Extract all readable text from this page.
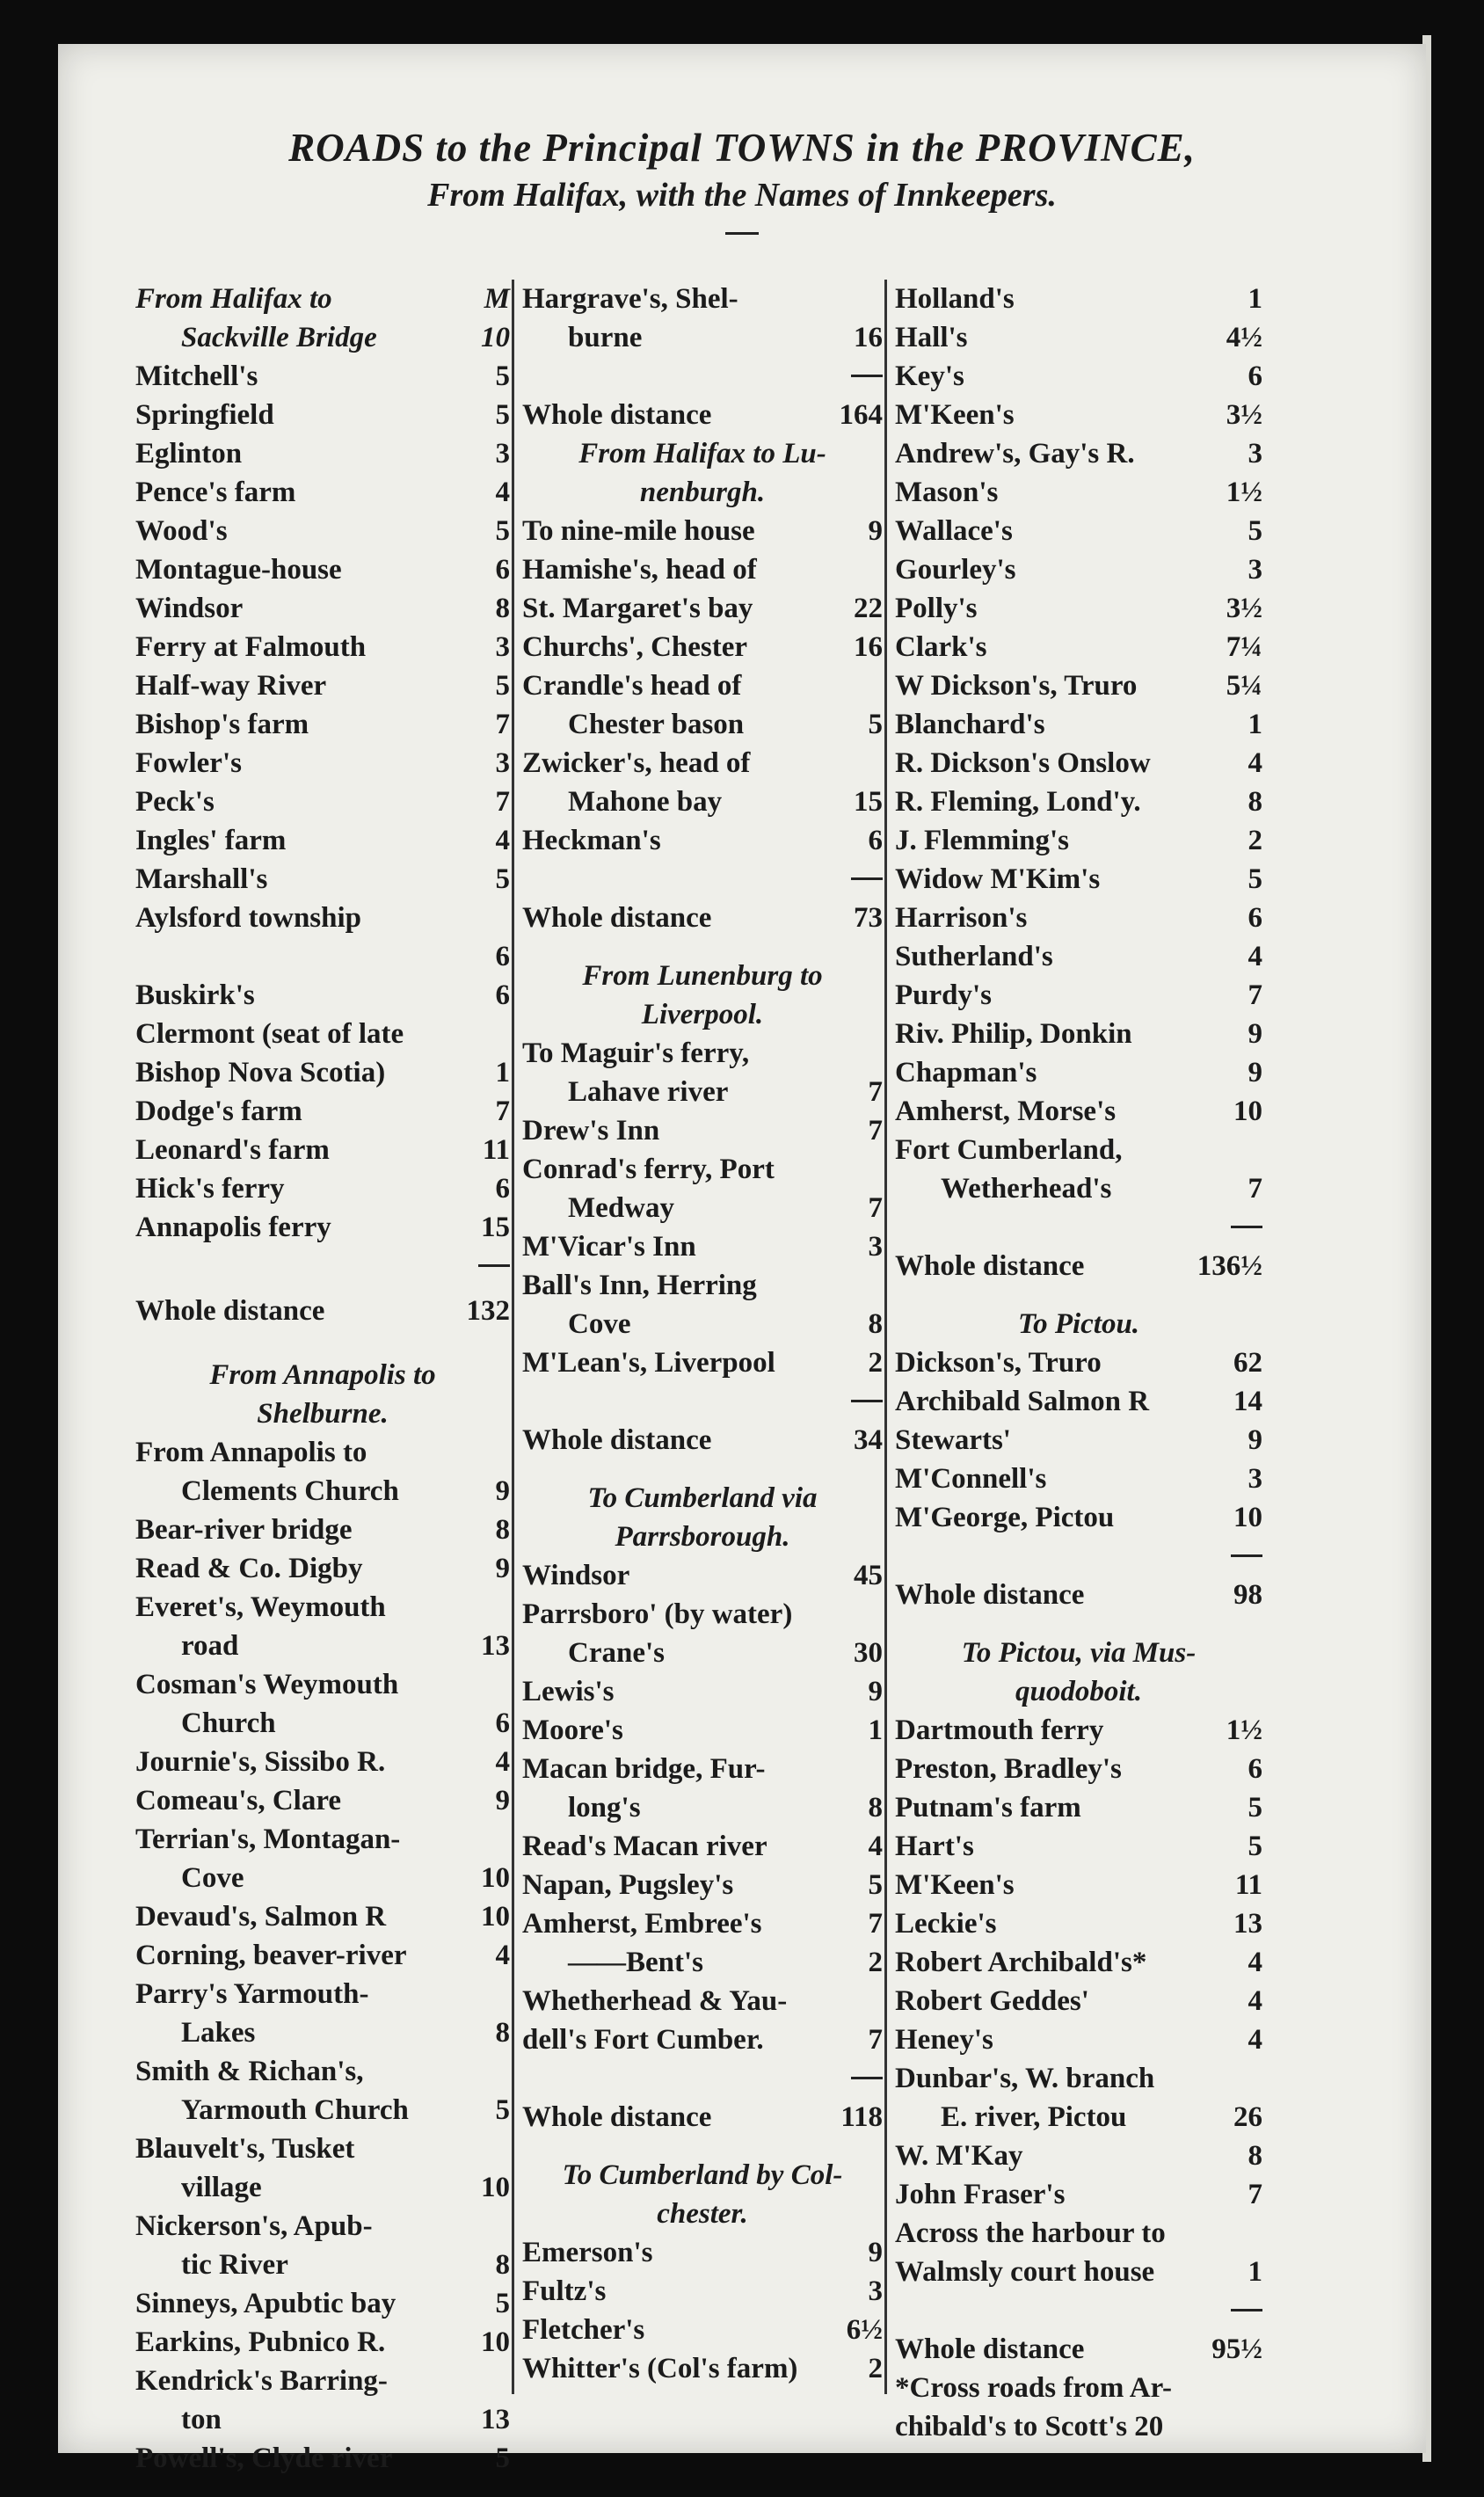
ROADS to the Principal TOWNS in the PROVINCE,

From Halifax, with the Names of Innkeepers.

From Halifax to	M
Sackville Bridge	10
Mitchell's	5
Springfield	5
Eglinton	3
Pence's farm	4
Wood's	5
Montague-house	6
Windsor	8
Ferry at Falmouth	3
Half-way River	5
Bishop's farm	7
Fowler's	3
Peck's	7
Ingles' farm	4
Marshall's	5
Aylsford township
6
Buskirk's	6
Clermont (seat of late
Bishop Nova Scotia)	1
Dodge's farm	7
Leonard's farm	11
Hick's ferry	6
Annapolis ferry	15
Whole distance	132
From Annapolis to
Shelburne.
From Annapolis to
Clements Church	9
Bear-river bridge	8
Read & Co. Digby	9
Everet's, Weymouth
road	13
Cosman's Weymouth
Church	6
Journie's, Sissibo R.	4
Comeau's, Clare	9
Terrian's, Montagan-
Cove	10
Devaud's, Salmon R	10
Corning, beaver-river	4
Parry's Yarmouth-
Lakes	8
Smith & Richan's,
Yarmouth Church	5
Blauvelt's, Tusket
village	10
Nickerson's, Apub-
tic River	8
Sinneys, Apubtic bay	5
Earkins, Pubnico R.	10
Kendrick's Barring-
ton	13
Powell's, Clyde river	5
Hargrave's, Shel-
burne	16
Whole distance	164
From Halifax to Lu-
nenburgh.
To nine-mile house	9
Hamishe's, head of
St. Margaret's bay	22
Churchs', Chester	16
Crandle's head of
Chester bason	5
Zwicker's, head of
Mahone bay	15
Heckman's	6
Whole distance	73
From Lunenburg to
Liverpool.
To Maguir's ferry,
Lahave river	7
Drew's Inn	7
Conrad's ferry, Port
Medway	7
M'Vicar's Inn	3
Ball's Inn, Herring
Cove	8
M'Lean's, Liverpool	2
Whole distance	34
To Cumberland via
Parrsborough.
Windsor	45
Parrsboro' (by water)
Crane's	30
Lewis's	9
Moore's	1
Macan bridge, Fur-
long's	8
Read's Macan river	4
Napan, Pugsley's	5
Amherst, Embree's	7
——Bent's	2
Whetherhead & Yau-
dell's Fort Cumber.	7
Whole distance	118
To Cumberland by Col-
chester.
Emerson's	9
Fultz's	3
Fletcher's	6½
Whitter's (Col's farm)	2
Holland's	1
Hall's	4½
Key's	6
M'Keen's	3½
Andrew's, Gay's R.	3
Mason's	1½
Wallace's	5
Gourley's	3
Polly's	3½
Clark's	7¼
W Dickson's, Truro	5¼
Blanchard's	1
R. Dickson's Onslow	4
R. Fleming, Lond'y.	8
J. Flemming's	2
Widow M'Kim's	5
Harrison's	6
Sutherland's	4
Purdy's	7
Riv. Philip, Donkin	9
Chapman's	9
Amherst, Morse's	10
Fort Cumberland,
Wetherhead's	7
Whole distance	136½
To Pictou.
Dickson's, Truro	62
Archibald Salmon R	14
Stewarts'	9
M'Connell's	3
M'George, Pictou	10
Whole distance	98
To Pictou, via Mus-
quodoboit.
Dartmouth ferry	1½
Preston, Bradley's	6
Putnam's farm	5
Hart's	5
M'Keen's	11
Leckie's	13
Robert Archibald's*	4
Robert Geddes'	4
Heney's	4
Dunbar's, W. branch
E. river, Pictou	26
W. M'Kay	8
John Fraser's	7
Across the harbour to
Walmsly court house	1
Whole distance	95½
*Cross roads from Ar-
chibald's to Scott's 20
